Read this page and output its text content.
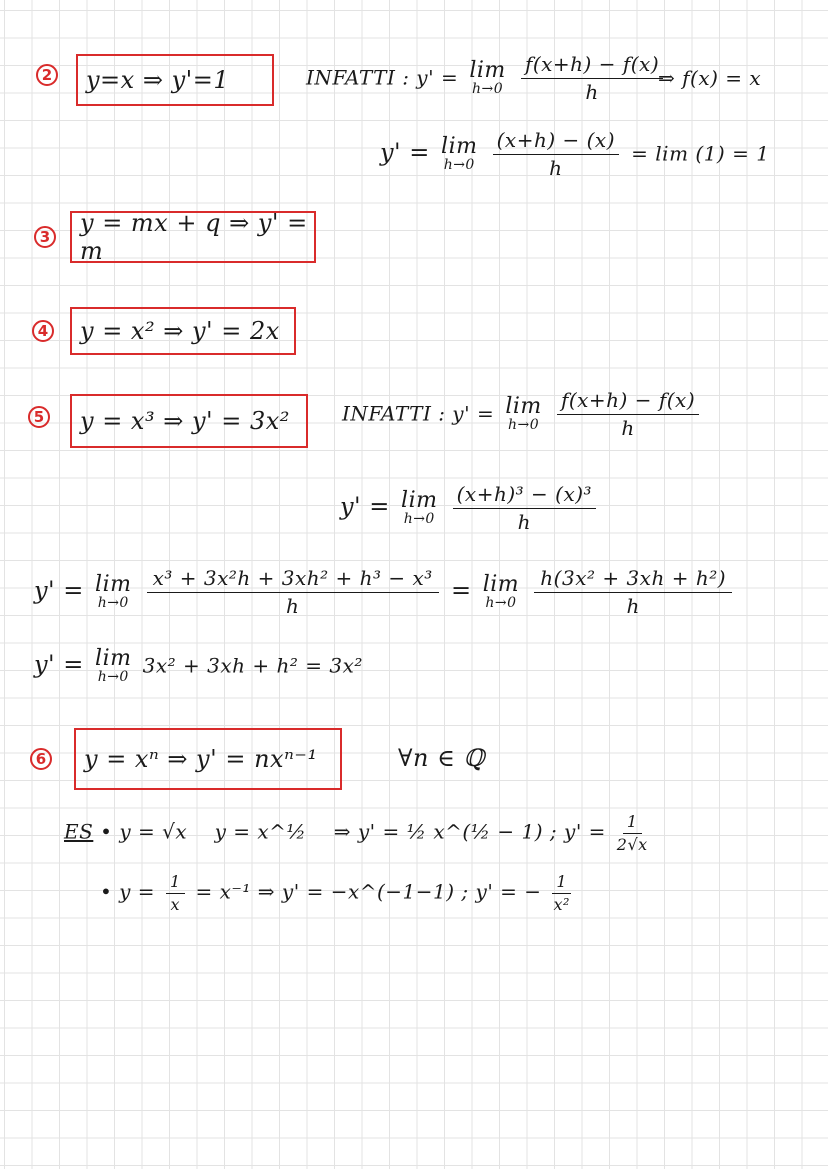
2 y=x ⇒ y'=1	INFATTI : y' = lim
h→0
$\frac{f(x+h) - f(x)}{h}$
⇒ f(x) = x
y' = lim
h→0
$\frac{(x+h) - (x)}{h} = \lim (1) = 1$
3 y = mx + q ⇒ y' = m
4 y = x² ⇒ y' = 2x
5 y = x³ ⇒ y' = 3x²	INFATTI : y' = lim
h→0
$\frac{f(x+h) - f(x)}{h}$
y' = lim
h→0
$\frac{\text{(x+h)³ − (x)³}}{h}$
y' = lim
h→0
$\frac{\text{x³ + 3x²h + 3xh² + h³ − x³}}{h} = \lim$
h→0
$\frac{\text{h(3x² + 3xh + h²)}}{h}$
y' = lim
h→0 3x² + 3xh + h² = 3x²
6 y = xⁿ ⇒ y' = nxⁿ⁻¹	∀n ∈ ℚ
ES • y = √x y = x^½ ⇒ y' = ½ x^(½ − 1) ; $y' = \frac{1}{2√x}$
• $y = \frac{1}{x} = x^{-1}$ ⇒ y' = −x^(−1−1) ; y' = − $\frac{1}{\text{x²}}$
